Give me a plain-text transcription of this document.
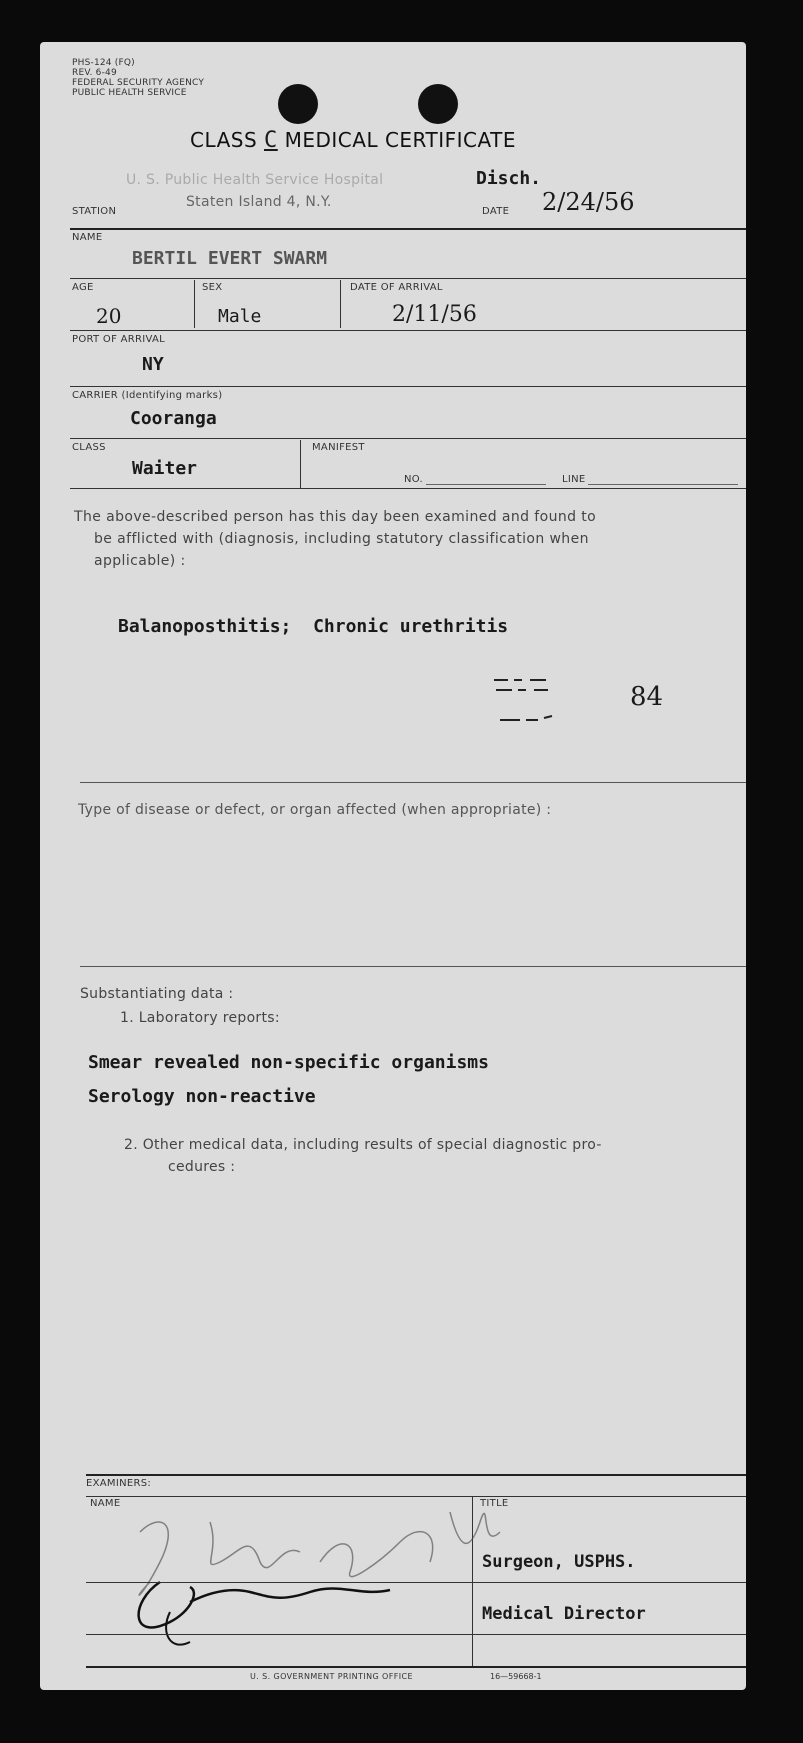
PHS-124 (FQ)
REV. 6-49
FEDERAL SECURITY AGENCY
PUBLIC HEALTH SERVICE
CLASS C MEDICAL CERTIFICATE
U. S. Public Health Service Hospital
Staten Island 4, N.Y.
Disch.
STATION	DATE 2/24/56
NAME
BERTIL EVERT SWARM
AGE
20
SEX
Male
DATE OF ARRIVAL
2/11/56
PORT OF ARRIVAL
NY
CARRIER (Identifying marks)
Cooranga
CLASS
Waiter
MANIFEST
NO.	LINE
The above-described person has this day been examined and found to
be afflicted with (diagnosis, including statutory classification when
applicable) :
Balanoposthitis;  Chronic urethritis
84
Type of disease or defect, or organ affected (when appropriate) :
Substantiating data :
1. Laboratory reports:
Smear revealed non-specific organisms
Serology non-reactive
2. Other medical data, including results of special diagnostic pro-
cedures :
EXAMINERS:
NAME	TITLE
Surgeon, USPHS.
Medical Director
U. S. GOVERNMENT PRINTING OFFICE	16—59668-1
